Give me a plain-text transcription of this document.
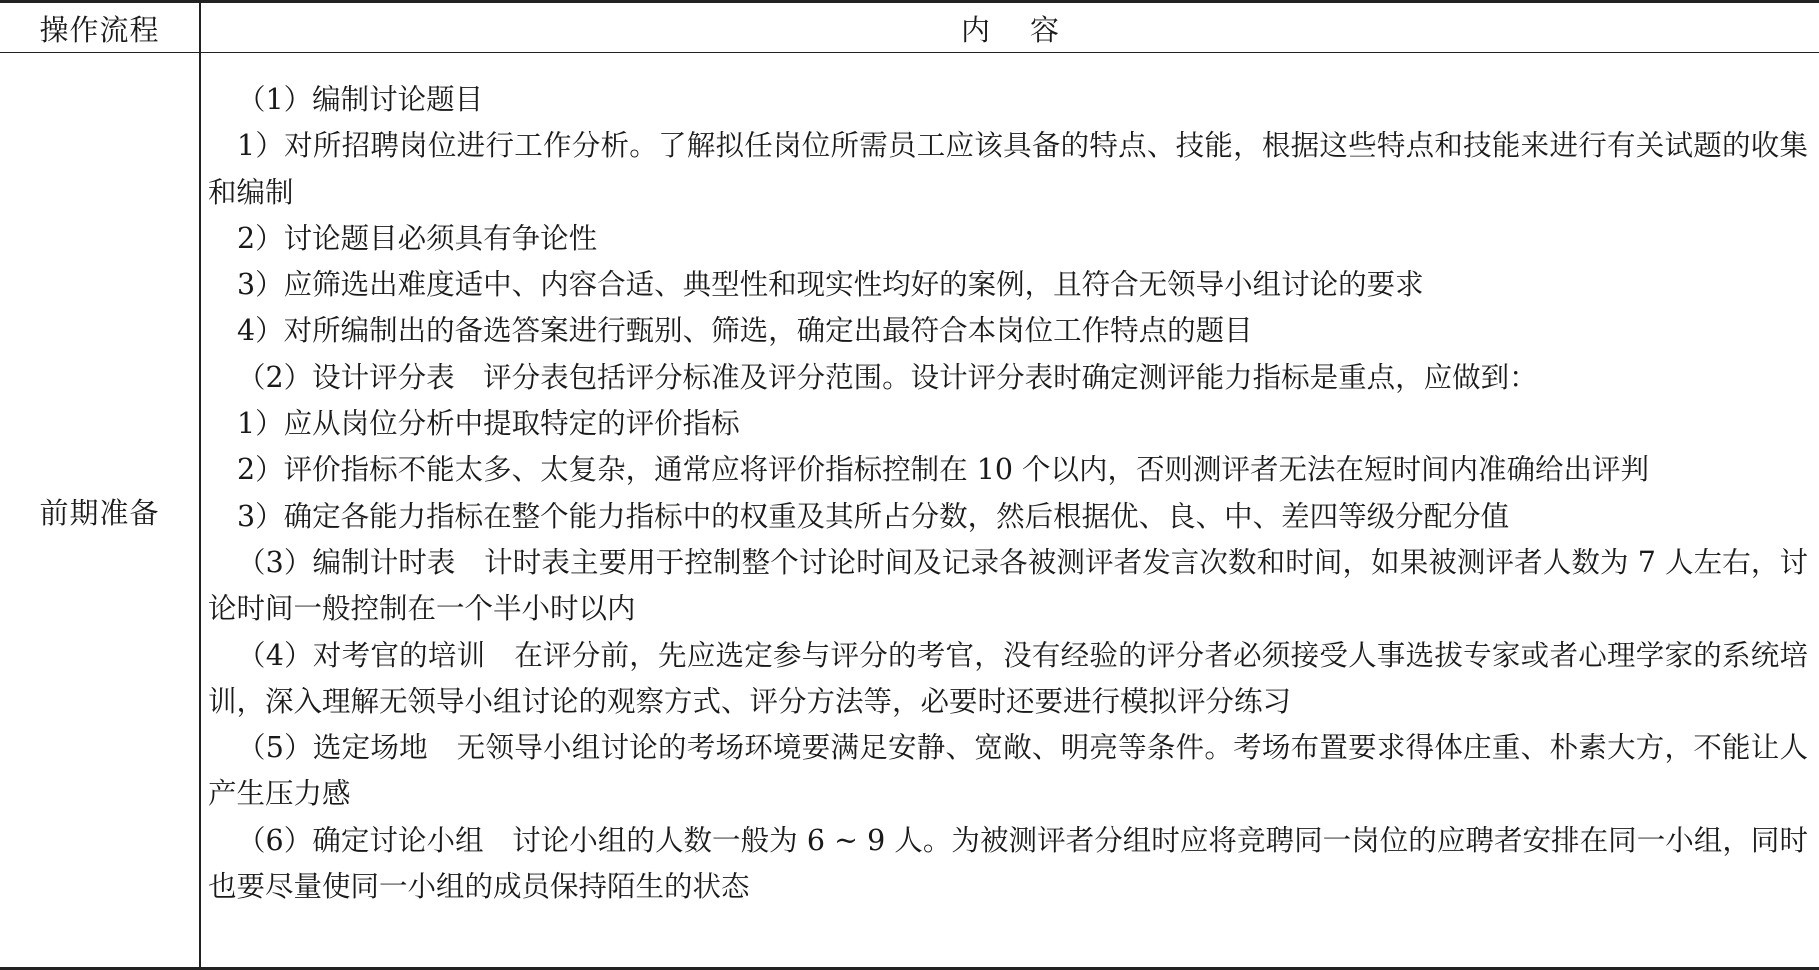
操作流程	内容
前期准备

（1）编制讨论题目

1）对所招聘岗位进行工作分析。了解拟任岗位所需员工应该具备的特点、技能，根据这些特点和技能来进行有关试题的收集和编制

2）讨论题目必须具有争论性

3）应筛选出难度适中、内容合适、典型性和现实性均好的案例，且符合无领导小组讨论的要求

4）对所编制出的备选答案进行甄别、筛选，确定出最符合本岗位工作特点的题目

（2）设计评分表　评分表包括评分标准及评分范围。设计评分表时确定测评能力指标是重点，应做到：

1）应从岗位分析中提取特定的评价指标

2）评价指标不能太多、太复杂，通常应将评价指标控制在 10 个以内，否则测评者无法在短时间内准确给出评判

3）确定各能力指标在整个能力指标中的权重及其所占分数，然后根据优、良、中、差四等级分配分值

（3）编制计时表　计时表主要用于控制整个讨论时间及记录各被测评者发言次数和时间，如果被测评者人数为 7 人左右，讨论时间一般控制在一个半小时以内

（4）对考官的培训　在评分前，先应选定参与评分的考官，没有经验的评分者必须接受人事选拔专家或者心理学家的系统培训，深入理解无领导小组讨论的观察方式、评分方法等，必要时还要进行模拟评分练习

（5）选定场地　无领导小组讨论的考场环境要满足安静、宽敞、明亮等条件。考场布置要求得体庄重、朴素大方，不能让人产生压力感

（6）确定讨论小组　讨论小组的人数一般为 6 ~ 9 人。为被测评者分组时应将竞聘同一岗位的应聘者安排在同一小组，同时也要尽量使同一小组的成员保持陌生的状态
